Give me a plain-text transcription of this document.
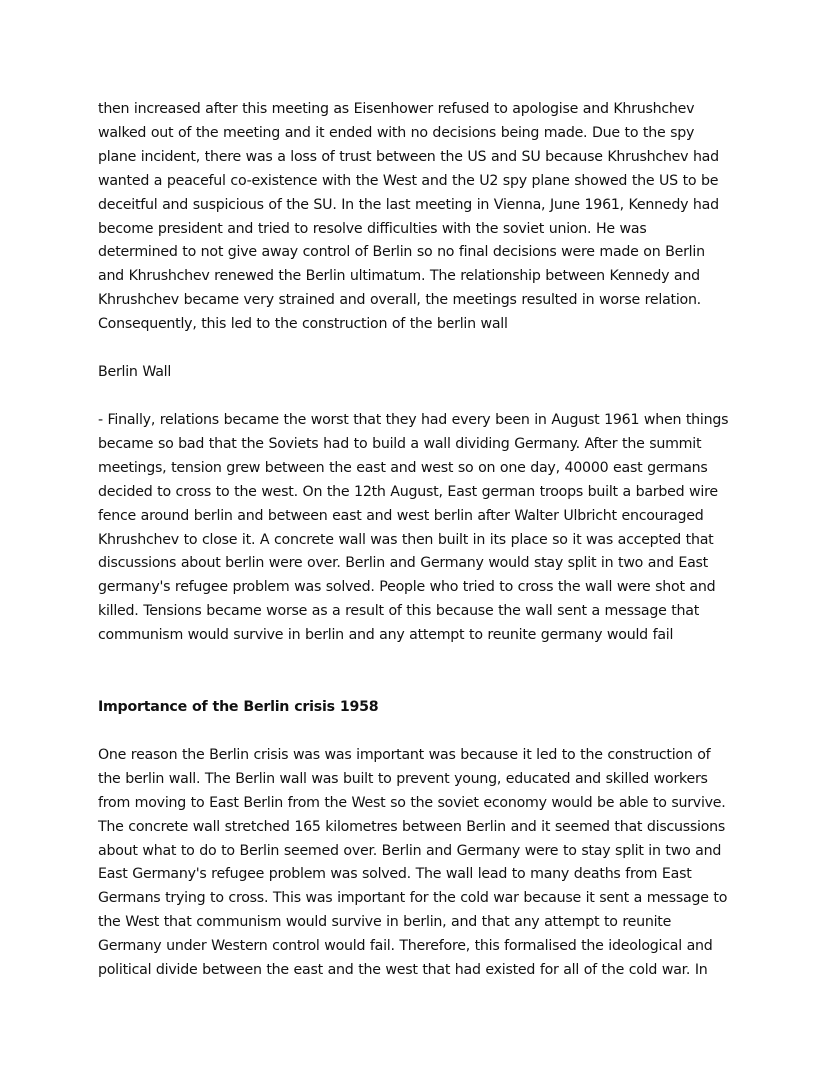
then increased after this meeting as Eisenhower refused to apologise and Khrushchev walked out of the meeting and it ended with no decisions being made. Due to the spy plane incident, there was a loss of trust between the US and SU because Khrushchev had wanted a peaceful co-existence with the West and the U2 spy plane showed the US to be deceitful and suspicious of the SU. In the last meeting in Vienna, June 1961, Kennedy had become president and tried to resolve difficulties with the soviet union. He was determined to not give away control of Berlin so no final decisions were made on Berlin and Khrushchev renewed the Berlin ultimatum. The relationship between Kennedy and Khrushchev became very strained and overall, the meetings resulted in worse relation. Consequently, this led to the construction of the berlin wall

Berlin Wall

- Finally, relations became the worst that they had every been in August 1961 when things became so bad that the Soviets had to build a wall dividing Germany. After the summit meetings, tension grew between the east and west so on one day, 40000 east germans decided to cross to the west. On the 12th August, East german troops built a barbed wire fence around berlin and between east and west berlin after Walter Ulbricht encouraged Khrushchev to close it. A concrete wall was then built in its place so it was accepted that discussions about berlin were over. Berlin and Germany would stay split in two and East germany's refugee problem was solved. People who tried to cross the wall were shot and killed. Tensions became worse as a result of this because the wall sent a message that communism would survive in berlin and any attempt to reunite germany would fail

Importance of the Berlin crisis 1958

One reason the Berlin crisis was was important was because it led to the construction of the berlin wall. The Berlin wall was built to prevent young, educated and skilled workers from moving to East Berlin from the West so the soviet economy would be able to survive. The concrete wall stretched 165 kilometres between Berlin and it seemed that discussions about what to do to Berlin seemed over. Berlin and Germany were to stay split in two and East Germany's refugee problem was solved. The wall lead to many deaths from East Germans trying to cross. This was important for the cold war because it sent a message to the West that communism would survive in berlin, and that any attempt to reunite Germany under Western control would fail. Therefore, this formalised the ideological and political divide between the east and the west that had existed for all of the cold war. In
